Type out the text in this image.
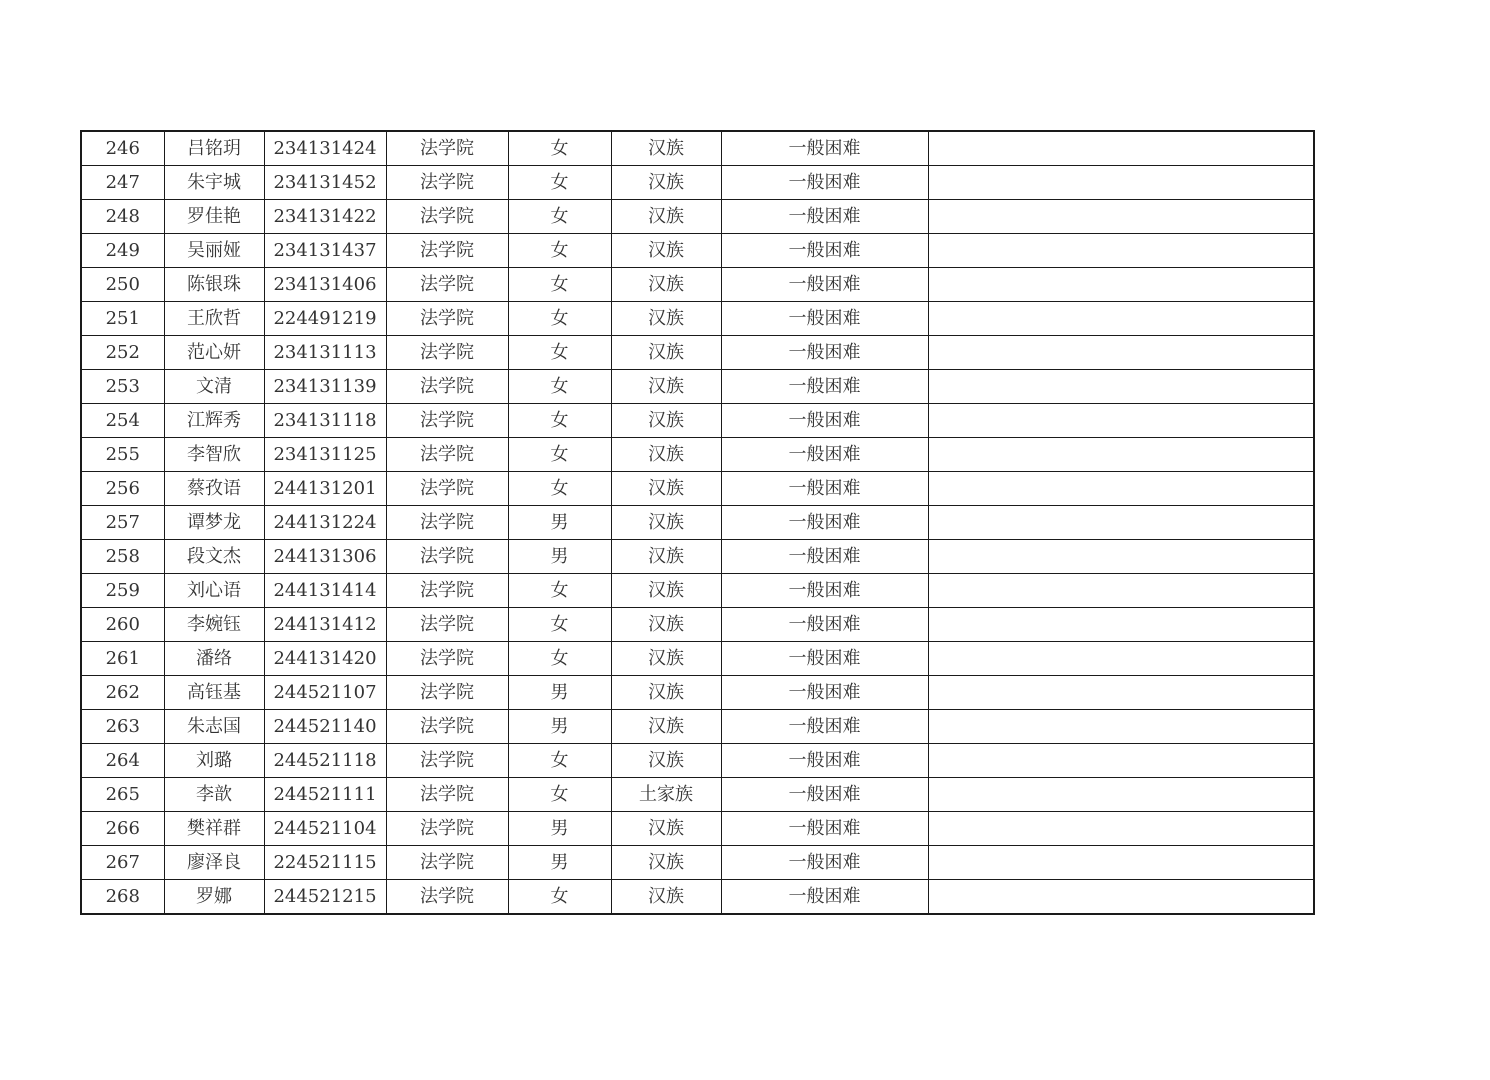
246	吕铭玥	234131424	法学院	女	汉族	一般困难	
247	朱宇城	234131452	法学院	女	汉族	一般困难	
248	罗佳艳	234131422	法学院	女	汉族	一般困难	
249	吴丽娅	234131437	法学院	女	汉族	一般困难	
250	陈银珠	234131406	法学院	女	汉族	一般困难	
251	王欣哲	224491219	法学院	女	汉族	一般困难	
252	范心妍	234131113	法学院	女	汉族	一般困难	
253	文清	234131139	法学院	女	汉族	一般困难	
254	江辉秀	234131118	法学院	女	汉族	一般困难	
255	李智欣	234131125	法学院	女	汉族	一般困难	
256	蔡孜语	244131201	法学院	女	汉族	一般困难	
257	谭梦龙	244131224	法学院	男	汉族	一般困难	
258	段文杰	244131306	法学院	男	汉族	一般困难	
259	刘心语	244131414	法学院	女	汉族	一般困难	
260	李婉钰	244131412	法学院	女	汉族	一般困难	
261	潘络	244131420	法学院	女	汉族	一般困难	
262	高钰基	244521107	法学院	男	汉族	一般困难	
263	朱志国	244521140	法学院	男	汉族	一般困难	
264	刘璐	244521118	法学院	女	汉族	一般困难	
265	李歆	244521111	法学院	女	土家族	一般困难	
266	樊祥群	244521104	法学院	男	汉族	一般困难	
267	廖泽良	224521115	法学院	男	汉族	一般困难	
268	罗娜	244521215	法学院	女	汉族	一般困难	
